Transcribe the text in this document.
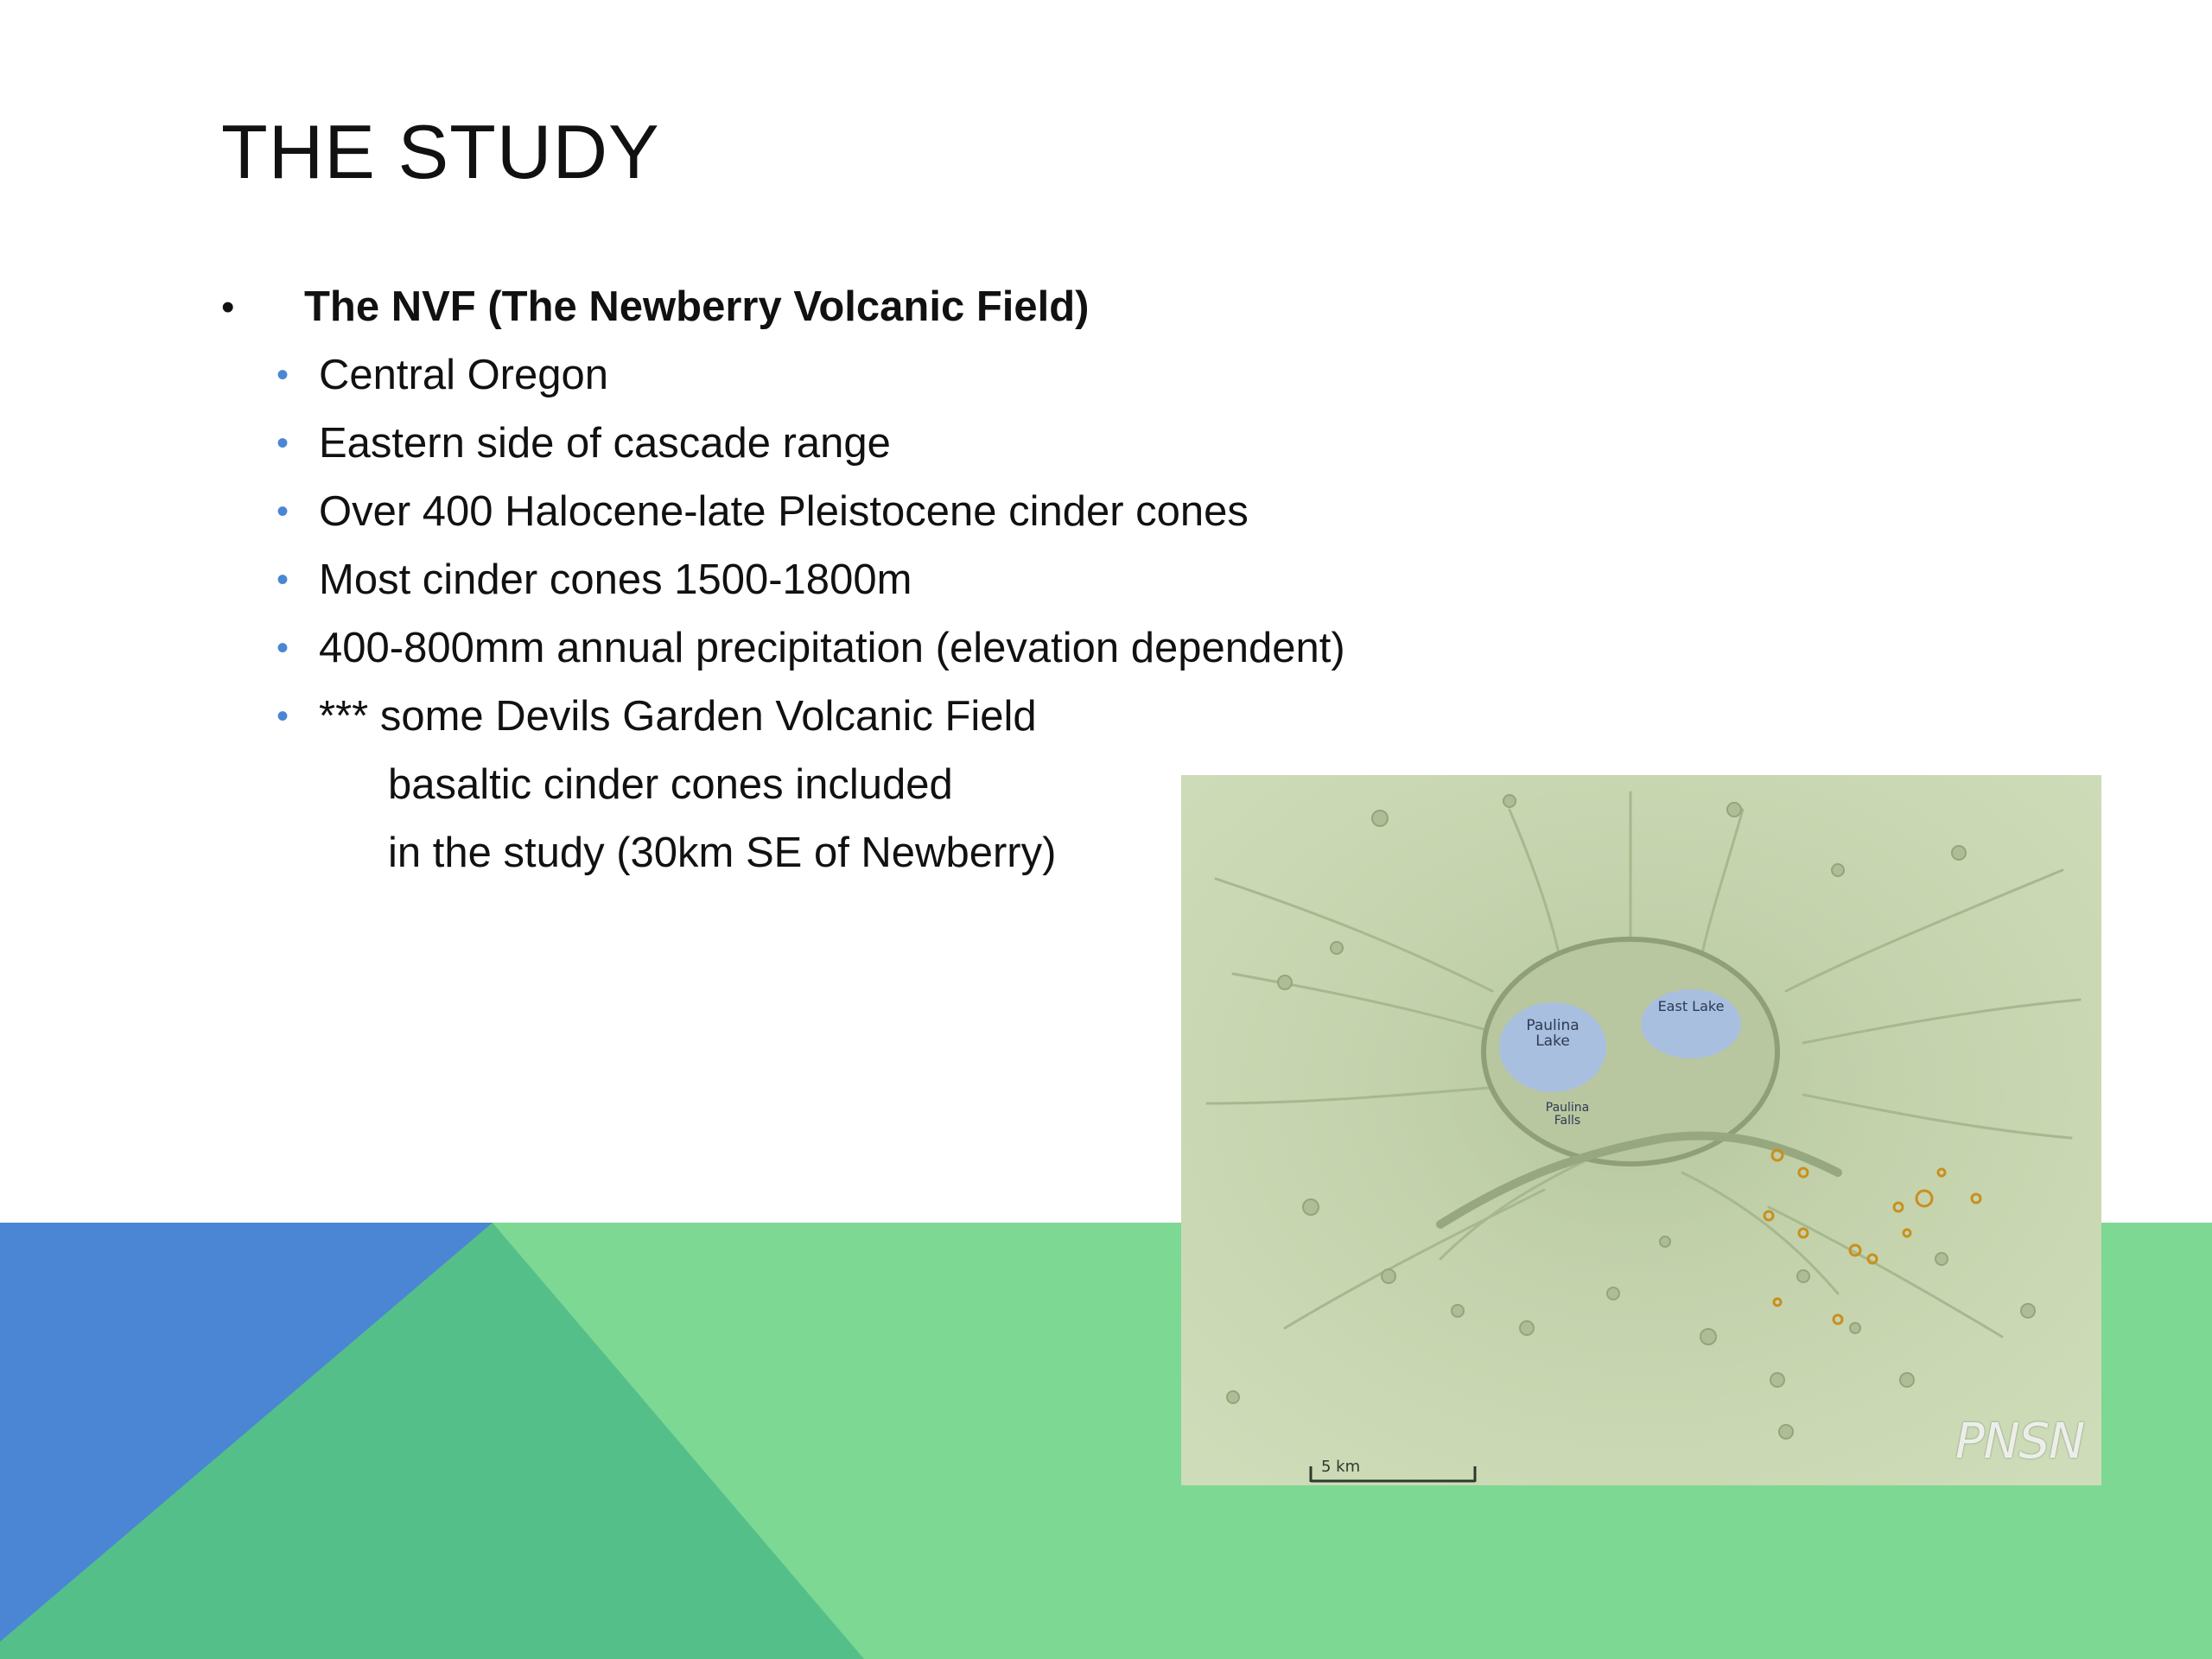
THE STUDY
• The NVF (The Newberry Volcanic Field)
• Central Oregon
• Eastern side of cascade range
• Over 400 Halocene-late Pleistocene cinder cones
• Most cinder cones 1500-1800m
• 400-800mm annual precipitation (elevation dependent)
• *** some Devils Garden Volcanic Field
basaltic cinder cones included
in the study (30km SE of Newberry)
Paulina Lake
East Lake
Paulina Falls
5 km	PNSN
